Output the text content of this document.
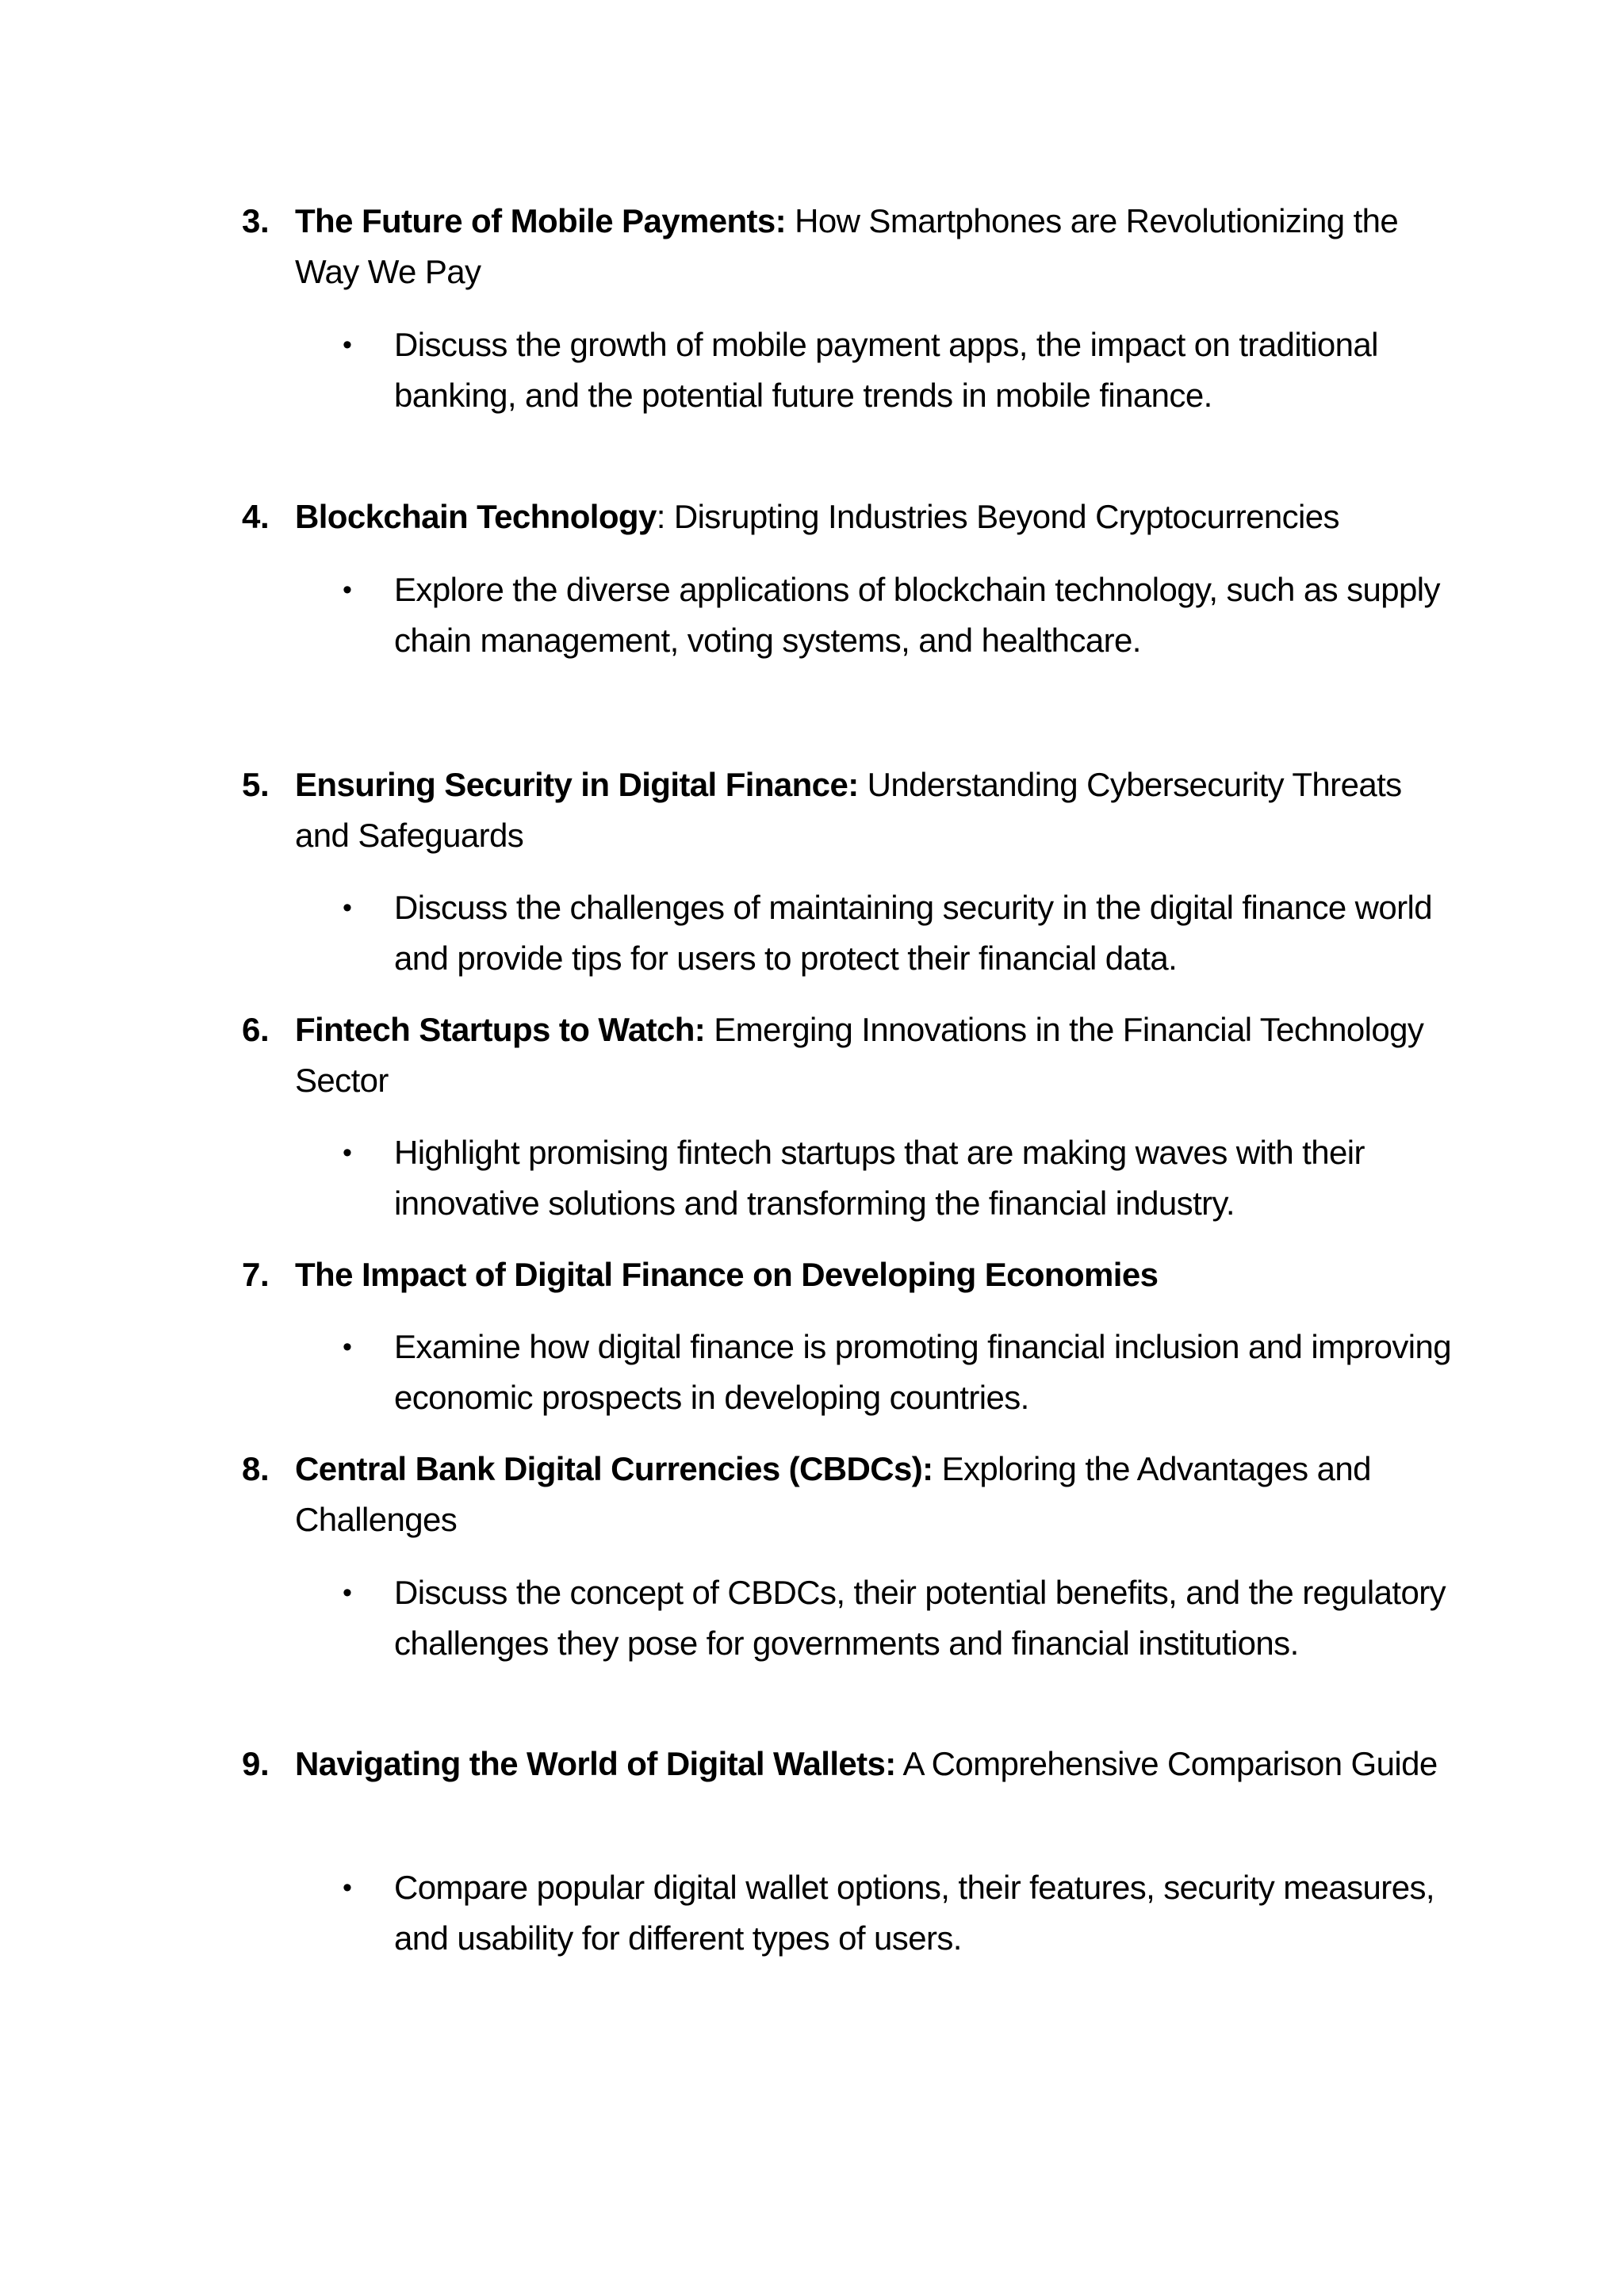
3. The Future of Mobile Payments: How Smartphones are Revolutionizing the Way We Pay
• Discuss the growth of mobile payment apps, the impact on traditional banking, and the potential future trends in mobile finance.
4. Blockchain Technology: Disrupting Industries Beyond Cryptocurrencies
• Explore the diverse applications of blockchain technology, such as supply chain management, voting systems, and healthcare.
5. Ensuring Security in Digital Finance: Understanding Cybersecurity Threats and Safeguards
• Discuss the challenges of maintaining security in the digital finance world and provide tips for users to protect their financial data.
6. Fintech Startups to Watch: Emerging Innovations in the Financial Technology Sector
• Highlight promising fintech startups that are making waves with their innovative solutions and transforming the financial industry.
7. The Impact of Digital Finance on Developing Economies
• Examine how digital finance is promoting financial inclusion and improving economic prospects in developing countries.
8. Central Bank Digital Currencies (CBDCs): Exploring the Advantages and Challenges
• Discuss the concept of CBDCs, their potential benefits, and the regulatory challenges they pose for governments and financial institutions.
9. Navigating the World of Digital Wallets: A Comprehensive Comparison Guide
• Compare popular digital wallet options, their features, security measures, and usability for different types of users.
